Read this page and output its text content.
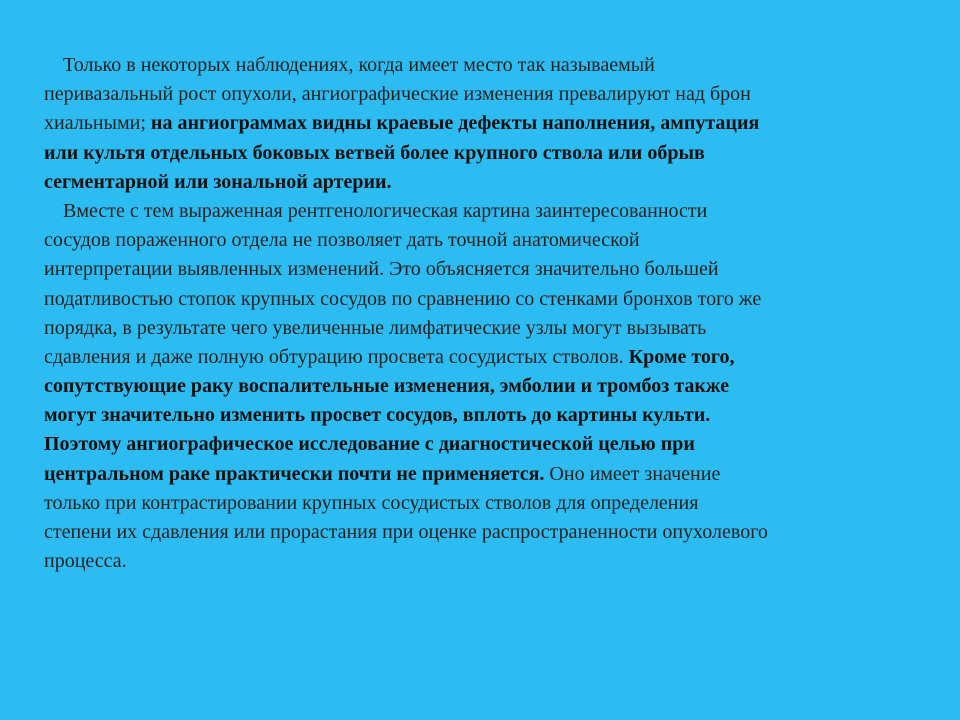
Только в некоторых наблюдениях, когда имеет место так называемый
перивазальный рост опухоли, ангиографические изменения превалируют над брон
хиальными; на ангиограммах видны краевые дефекты наполнения, ампутация
или культя отдельных боковых ветвей более крупного ствола или обрыв
сегментарной или зональной артерии.
Вместе с тем выраженная рентгенологическая картина заинтересованности
сосудов пораженного отдела не позволяет дать точной анатомической
интерпретации выявленных изменений. Это объясняется значительно большей
податливостью стопок крупных сосудов по сравнению со стенками бронхов того же
порядка, в результате чего увеличенные лимфатические узлы могут вызывать
сдавления и даже полную обтурацию просвета сосудистых стволов. Кроме того,
сопутствующие раку воспалительные изменения, эмболии и тромбоз также
могут значительно изменить просвет сосудов, вплоть до картины культи.
Поэтому ангиографическое исследование с диагностической целью при
центральном раке практически почти не применяется. Оно имеет значение
только при контрастировании крупных сосудистых стволов для определения
степени их сдавления или прорастания при оценке распространенности опухолевого
процесса.
